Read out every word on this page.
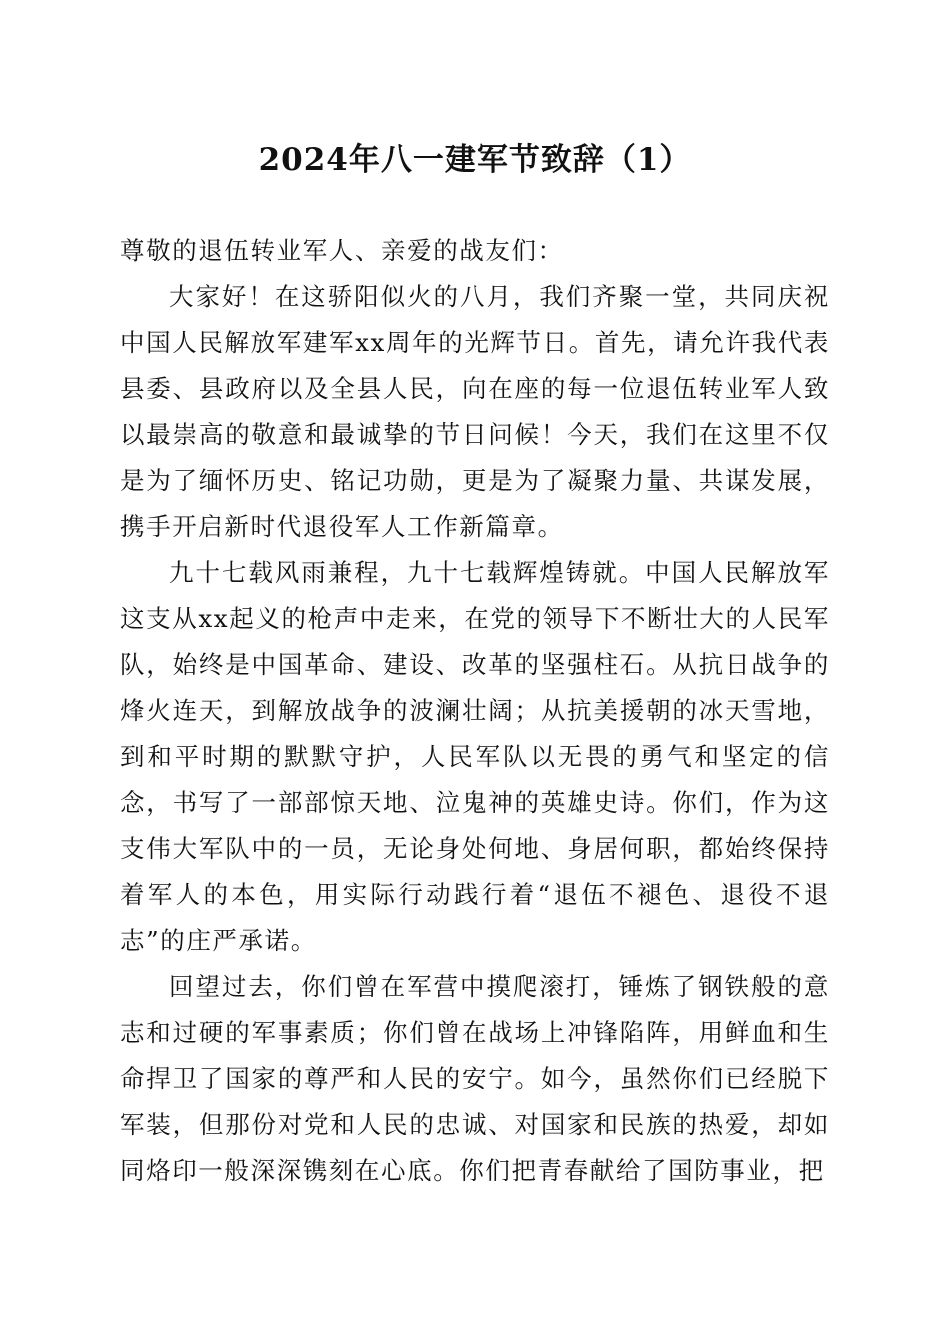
2024年八一建军节致辞（1）

尊敬的退伍转业军人、亲爱的战友们：

大家好！在这骄阳似火的八月，我们齐聚一堂，共同庆祝中国人民解放军建军xx周年的光辉节日。首先，请允许我代表县委、县政府以及全县人民，向在座的每一位退伍转业军人致以最崇高的敬意和最诚挚的节日问候！今天，我们在这里不仅是为了缅怀历史、铭记功勋，更是为了凝聚力量、共谋发展，携手开启新时代退役军人工作新篇章。

九十七载风雨兼程，九十七载辉煌铸就。中国人民解放军这支从xx起义的枪声中走来，在党的领导下不断壮大的人民军队，始终是中国革命、建设、改革的坚强柱石。从抗日战争的烽火连天，到解放战争的波澜壮阔；从抗美援朝的冰天雪地，到和平时期的默默守护，人民军队以无畏的勇气和坚定的信念，书写了一部部惊天地、泣鬼神的英雄史诗。你们，作为这支伟大军队中的一员，无论身处何地、身居何职，都始终保持着军人的本色，用实际行动践行着“退伍不褪色、退役不退志”的庄严承诺。

回望过去，你们曾在军营中摸爬滚打，锤炼了钢铁般的意志和过硬的军事素质；你们曾在战场上冲锋陷阵，用鲜血和生命捍卫了国家的尊严和人民的安宁。如今，虽然你们已经脱下军装，但那份对党和人民的忠诚、对国家和民族的热爱，却如同烙印一般深深镌刻在心底。你们把青春献给了国防事业，把
